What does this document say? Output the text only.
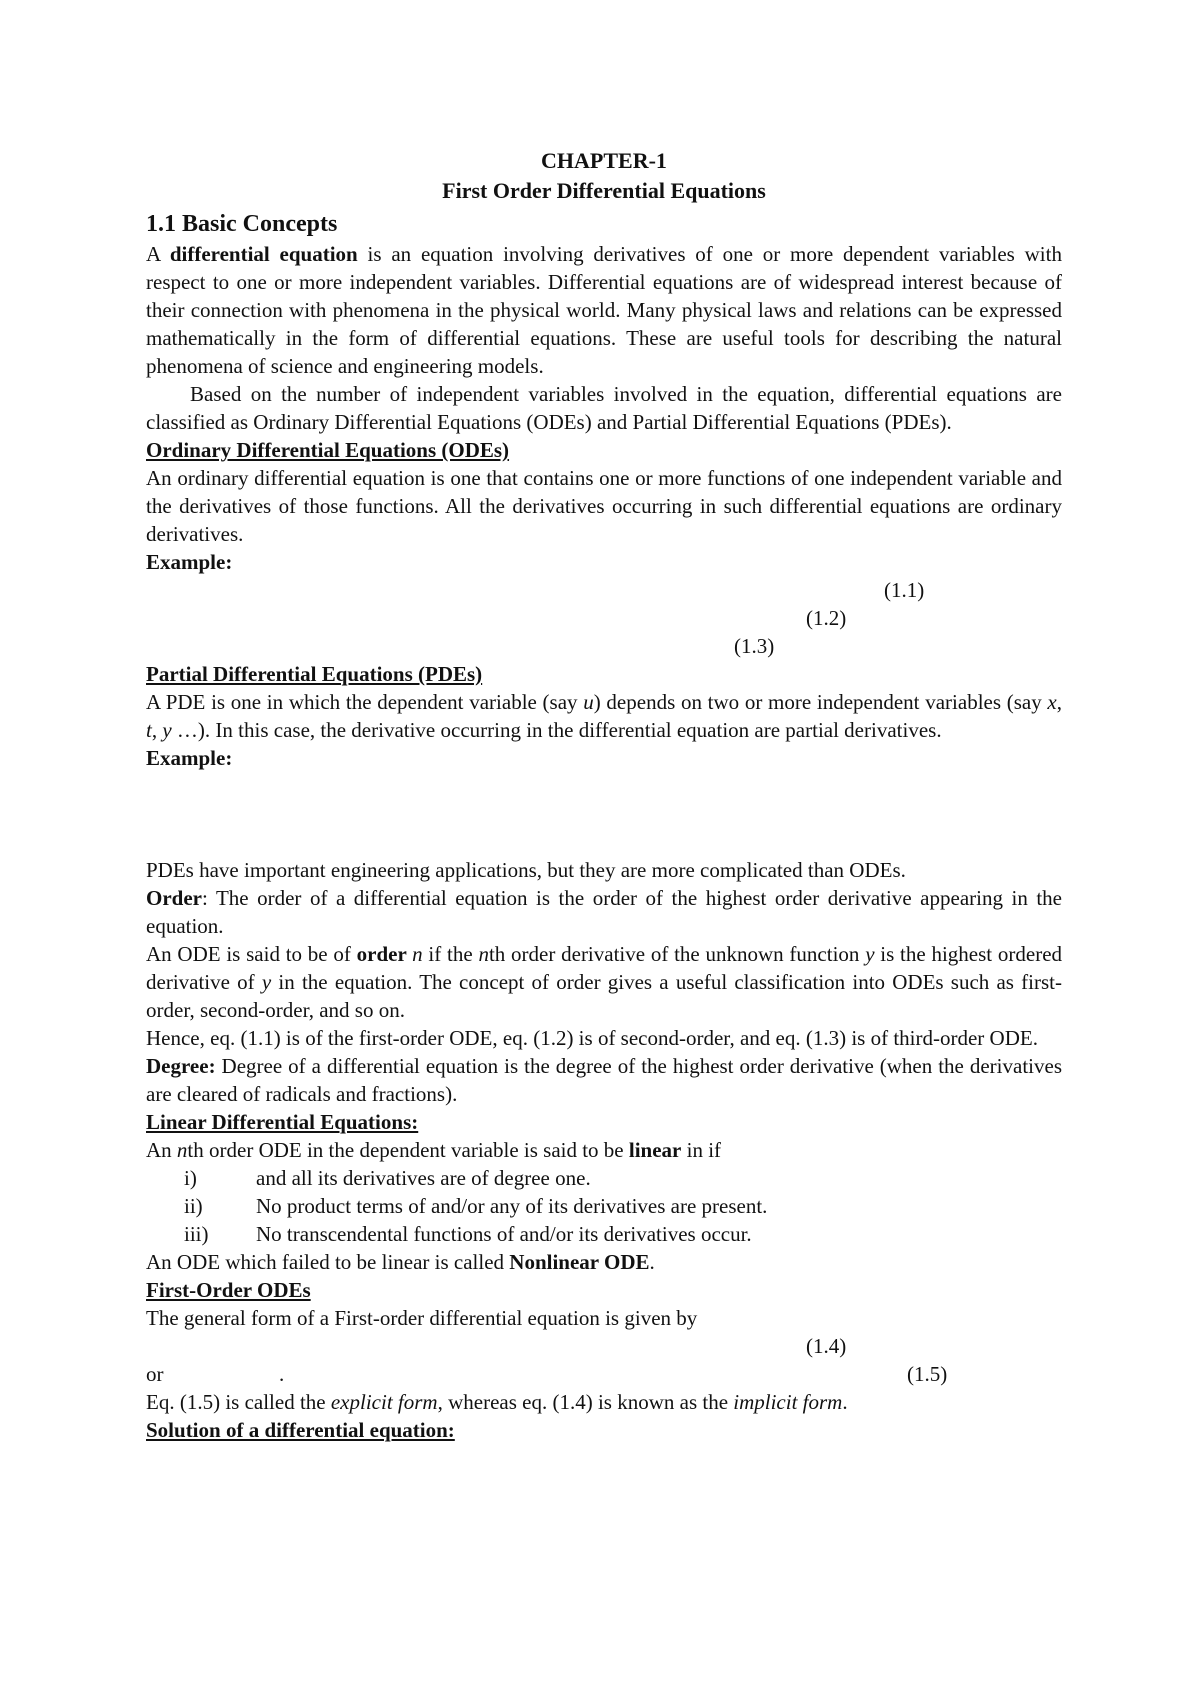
CHAPTER-1
First Order Differential Equations
1.1 Basic Concepts

A differential equation is an equation involving derivatives of one or more dependent variables with respect to one or more independent variables. Differential equations are of widespread interest because of their connection with phenomena in the physical world. Many physical laws and relations can be expressed mathematically in the form of differential equations. These are useful tools for describing the natural phenomena of science and engineering models.

Based on the number of independent variables involved in the equation, differential equations are classified as Ordinary Differential Equations (ODEs) and Partial Differential Equations (PDEs).

Ordinary Differential Equations (ODEs)

An ordinary differential equation is one that contains one or more functions of one independent variable and the derivatives of those functions. All the derivatives occurring in such differential equations are ordinary derivatives.

Example:
(1.1)
(1.2)
(1.3)
Partial Differential Equations (PDEs)

A PDE is one in which the dependent variable (say u) depends on two or more independent variables (say x, t, y …). In this case, the derivative occurring in the differential equation are partial derivatives.

Example:

PDEs have important engineering applications, but they are more complicated than ODEs.

Order: The order of a differential equation is the order of the highest order derivative appearing in the equation.

An ODE is said to be of order n if the nth order derivative of the unknown function y is the highest ordered derivative of y in the equation. The concept of order gives a useful classification into ODEs such as first-order, second-order, and so on.

Hence, eq. (1.1) is of the first-order ODE, eq. (1.2) is of second-order, and eq. (1.3) is of third-order ODE.

Degree: Degree of a differential equation is the degree of the highest order derivative (when the derivatives are cleared of radicals and fractions).

Linear Differential Equations:

An nth order ODE in the dependent variable is said to be linear in if

i)	and all its derivatives are of degree one.
ii)	No product terms of and/or any of its derivatives are present.
iii) No transcendental functions of and/or its derivatives occur.

An ODE which failed to be linear is called Nonlinear ODE.

First-Order ODEs

The general form of a First-order differential equation is given by

(1.4)
or	.	(1.5)

Eq. (1.5) is called the explicit form, whereas eq. (1.4) is known as the implicit form.

Solution of a differential equation:
